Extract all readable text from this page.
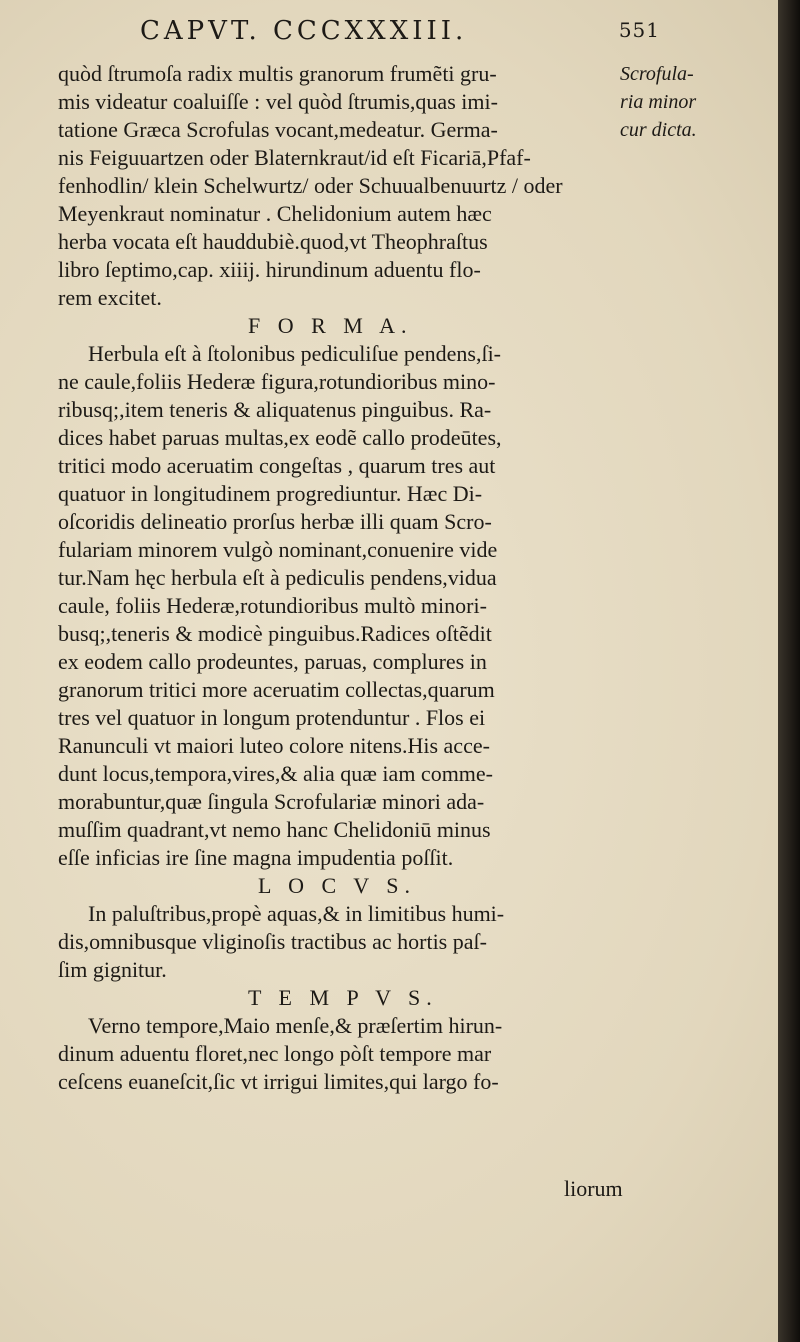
CAPVT. CCCXXXIII.	551
quòd ſtrumoſa radix multis granorum frumẽti gru-
mis videatur coaluiſſe : vel quòd ſtrumis,quas imi-
tatione Græca Scrofulas vocant,medeatur. Germa-
nis Feiguuartzen oder Blaternkraut/id eſt Ficariā,Pfaf-
fenhodlin/ klein Schelwurtz/ oder Schuualbenuurtz / oder
Meyenkraut nominatur . Chelidonium autem hæc
herba vocata eſt hauddubiè.quod,vt Theophraſtus
libro ſeptimo,cap. xiiij. hirundinum aduentu flo-
rem excitet.
F O R M A.
Herbula eſt à ſtolonibus pediculiſue pendens,ſi-
ne caule,foliis Hederæ figura,rotundioribus mino-
ribusq;,item teneris & aliquatenus pinguibus. Ra-
dices habet paruas multas,ex eodẽ callo prodeūtes,
tritici modo aceruatim congeſtas , quarum tres aut
quatuor in longitudinem progrediuntur. Hæc Di-
oſcoridis delineatio prorſus herbæ illi quam Scro-
fulariam minorem vulgò nominant,conuenire vide
tur.Nam hęc herbula eſt à pediculis pendens,vidua
caule, foliis Hederæ,rotundioribus multò minori-
busq;,teneris & modicè pinguibus.Radices oſtẽdit
ex eodem callo prodeuntes, paruas, complures in
granorum tritici more aceruatim collectas,quarum
tres vel quatuor in longum protenduntur . Flos ei
Ranunculi vt maiori luteo colore nitens.His acce-
dunt locus,tempora,vires,& alia quæ iam comme-
morabuntur,quæ ſingula Scrofulariæ minori ada-
muſſim quadrant,vt nemo hanc Chelidoniū minus
eſſe inficias ire ſine magna impudentia poſſit.
L O C V S.
In paluſtribus,propè aquas,& in limitibus humi-
dis,omnibusque vliginoſis tractibus ac hortis paſ-
ſim gignitur.
T E M P V S.
Verno tempore,Maio menſe,& præſertim hirun-
dinum aduentu floret,nec longo pòſt tempore mar
ceſcens euaneſcit,ſic vt irrigui limites,qui largo fo-
Scrofula-
ria minor
cur dicta.
liorum
